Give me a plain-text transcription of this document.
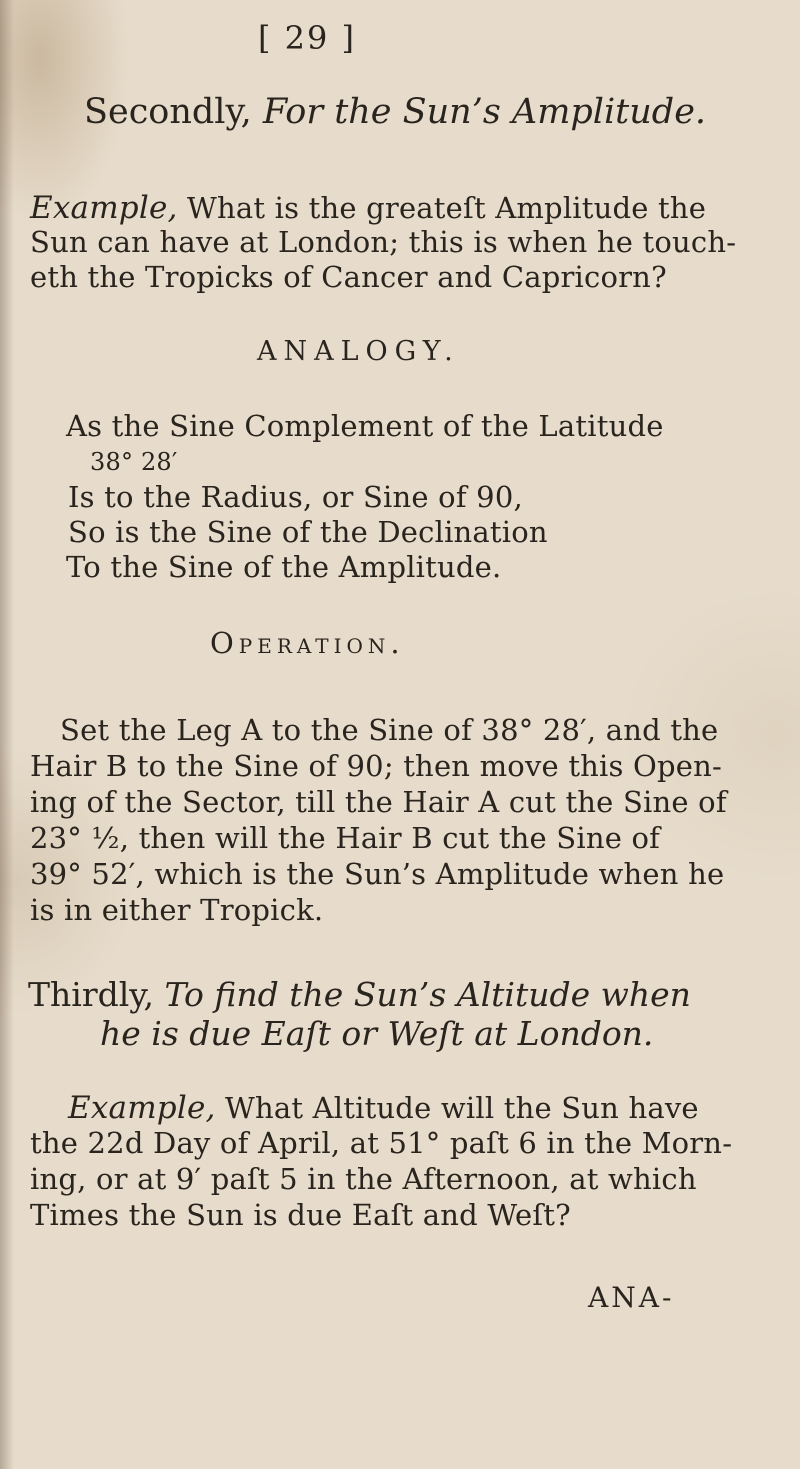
[ 29 ]
Secondly, For the Sun’s Amplitude.
Example, What is the greateſt Amplitude the
Sun can have at London; this is when he touch-
eth the Tropicks of Cancer and Capricorn?
ANALOGY.
As the Sine Complement of the Latitude
38° 28′
Is to the Radius, or Sine of 90,
So is the Sine of the Declination
To the Sine of the Amplitude.
Operation.
Set the Leg A to the Sine of 38° 28′, and the
Hair B to the Sine of 90; then move this Open-
ing of the Sector, till the Hair A cut the Sine of
23° ½, then will the Hair B cut the Sine of
39° 52′, which is the Sun’s Amplitude when he
is in either Tropick.
Thirdly, To find the Sun’s Altitude when
he is due Eaſt or Weſt at London.
Example, What Altitude will the Sun have
the 22d Day of April, at 51° paſt 6 in the Morn-
ing, or at 9′ paſt 5 in the Afternoon, at which
Times the Sun is due Eaſt and Weſt?
ANA-
